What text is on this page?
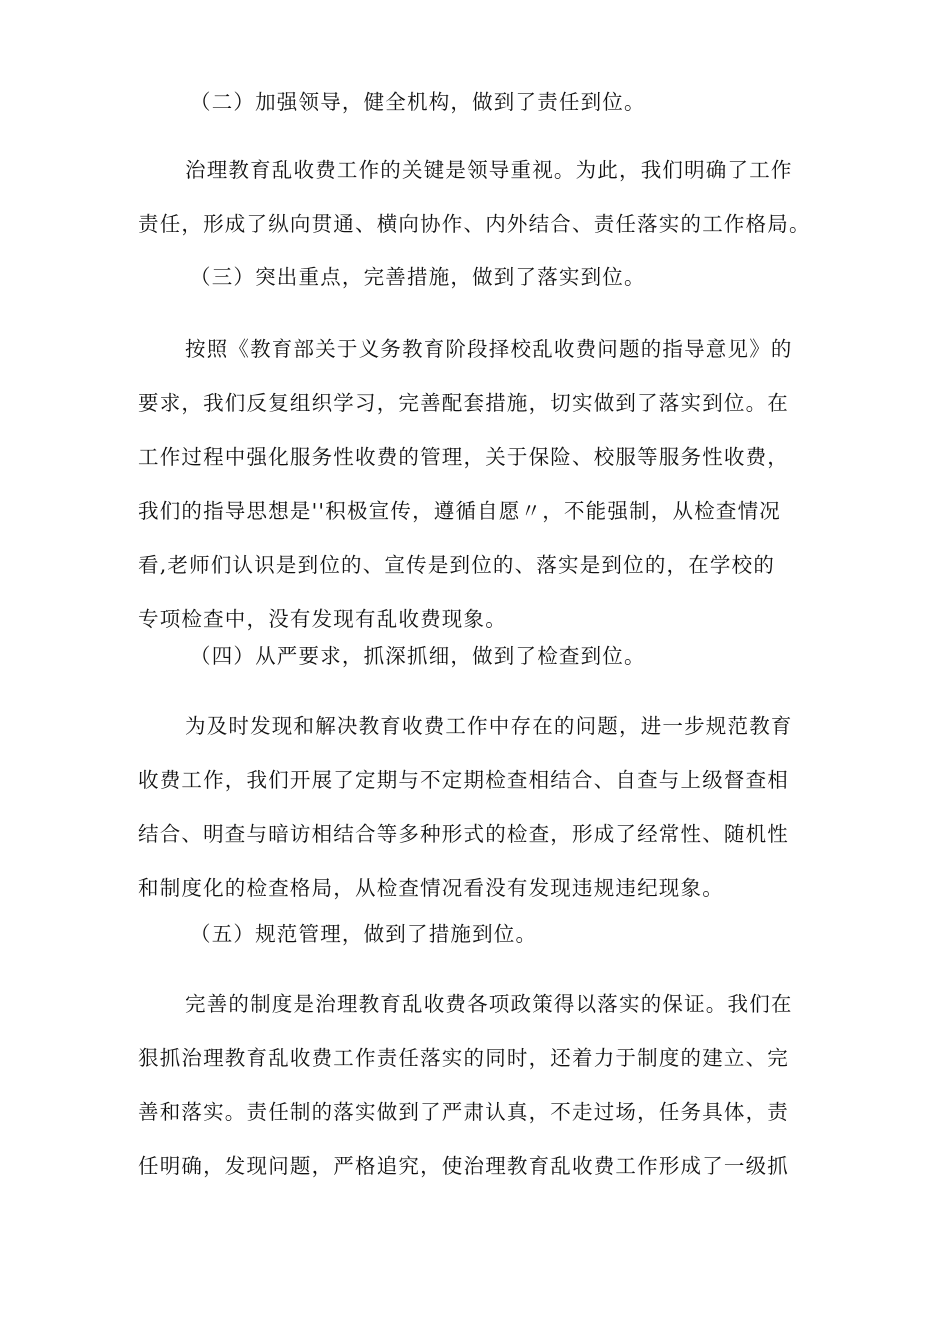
（二）加强领导，健全机构，做到了责任到位。
治理教育乱收费工作的关键是领导重视。为此，我们明确了工作
责任，形成了纵向贯通、横向协作、内外结合、责任落实的工作格局。
（三）突出重点，完善措施，做到了落实到位。
按照《教育部关于义务教育阶段择校乱收费问题的指导意见》的
要求，我们反复组织学习，完善配套措施，切实做到了落实到位。在
工作过程中强化服务性收费的管理，关于保险、校服等服务性收费，
我们的指导思想是''积极宣传，遵循自愿〃，不能强制，从检查情况
看,老师们认识是到位的、宣传是到位的、落实是到位的，在学校的
专项检查中，没有发现有乱收费现象。
（四）从严要求，抓深抓细，做到了检查到位。
为及时发现和解决教育收费工作中存在的问题，进一步规范教育
收费工作，我们开展了定期与不定期检查相结合、自查与上级督查相
结合、明查与暗访相结合等多种形式的检查，形成了经常性、随机性
和制度化的检查格局，从检查情况看没有发现违规违纪现象。
（五）规范管理，做到了措施到位。
完善的制度是治理教育乱收费各项政策得以落实的保证。我们在
狠抓治理教育乱收费工作责任落实的同时，还着力于制度的建立、完
善和落实。责任制的落实做到了严肃认真，不走过场，任务具体，责
任明确，发现问题，严格追究，使治理教育乱收费工作形成了一级抓
